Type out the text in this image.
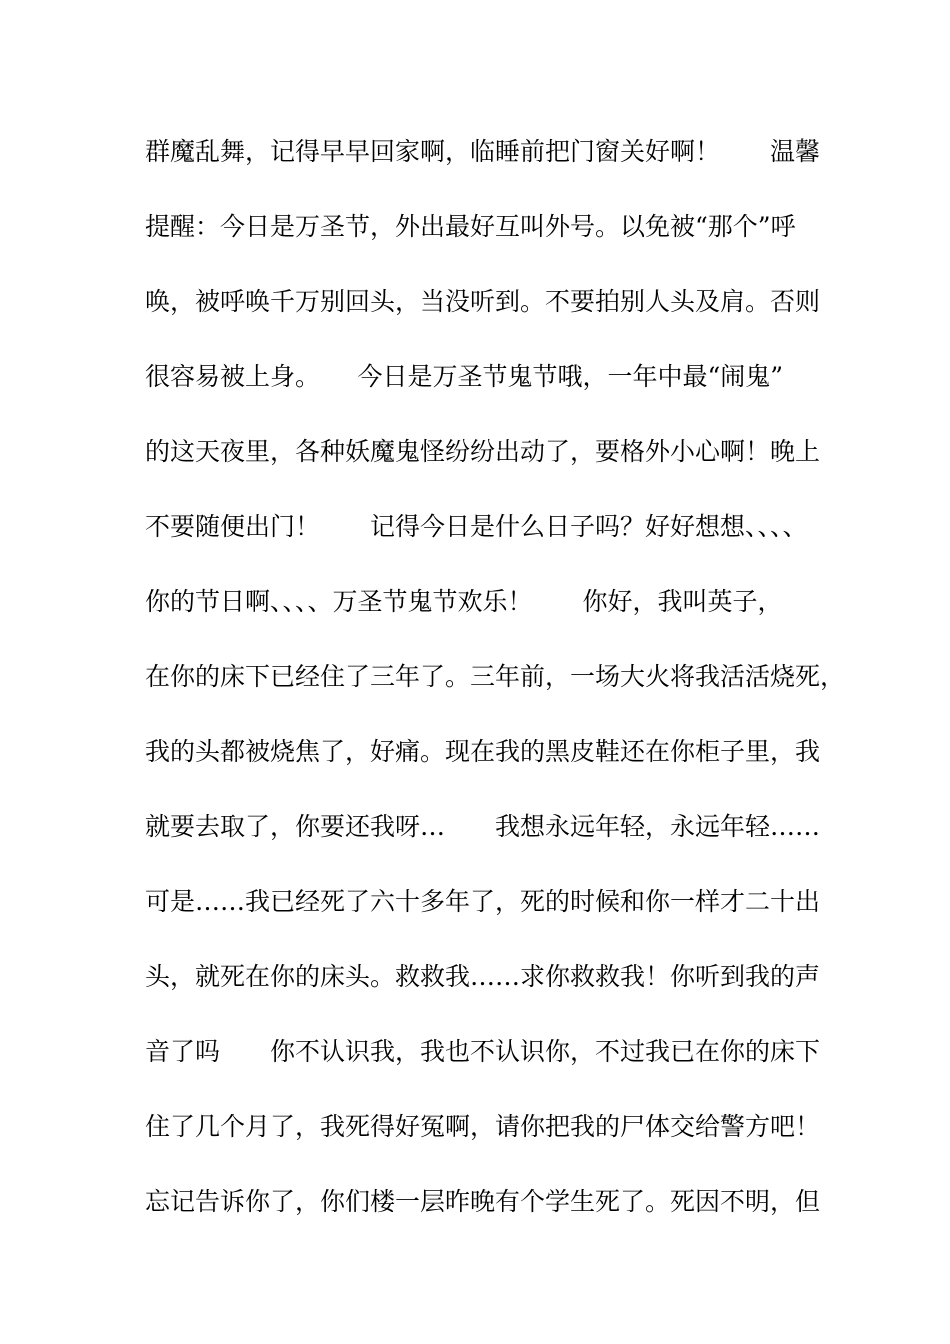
群魔乱舞，记得早早回家啊，临睡前把门窗关好啊！　　温馨
提醒：今日是万圣节，外出最好互叫外号。以免被“那个”呼
唤，被呼唤千万别回头，当没听到。不要拍别人头及肩。否则
很容易被上身。　　今日是万圣节鬼节哦，一年中最“闹鬼”
的这天夜里，各种妖魔鬼怪纷纷出动了，要格外小心啊！晚上
不要随便出门！　　记得今日是什么日子吗？好好想想、、、、
你的节日啊、、、、万圣节鬼节欢乐！　　你好，我叫英子，
在你的床下已经住了三年了。三年前，一场大火将我活活烧死，
我的头都被烧焦了，好痛。现在我的黑皮鞋还在你柜子里，我
就要去取了，你要还我呀…　　我想永远年轻，永远年轻……
可是……我已经死了六十多年了，死的时候和你一样才二十出
头，就死在你的床头。救救我……求你救救我！你听到我的声
音了吗　　你不认识我，我也不认识你，不过我已在你的床下
住了几个月了，我死得好冤啊，请你把我的尸体交给警方吧！
忘记告诉你了，你们楼一层昨晚有个学生死了。死因不明，但
